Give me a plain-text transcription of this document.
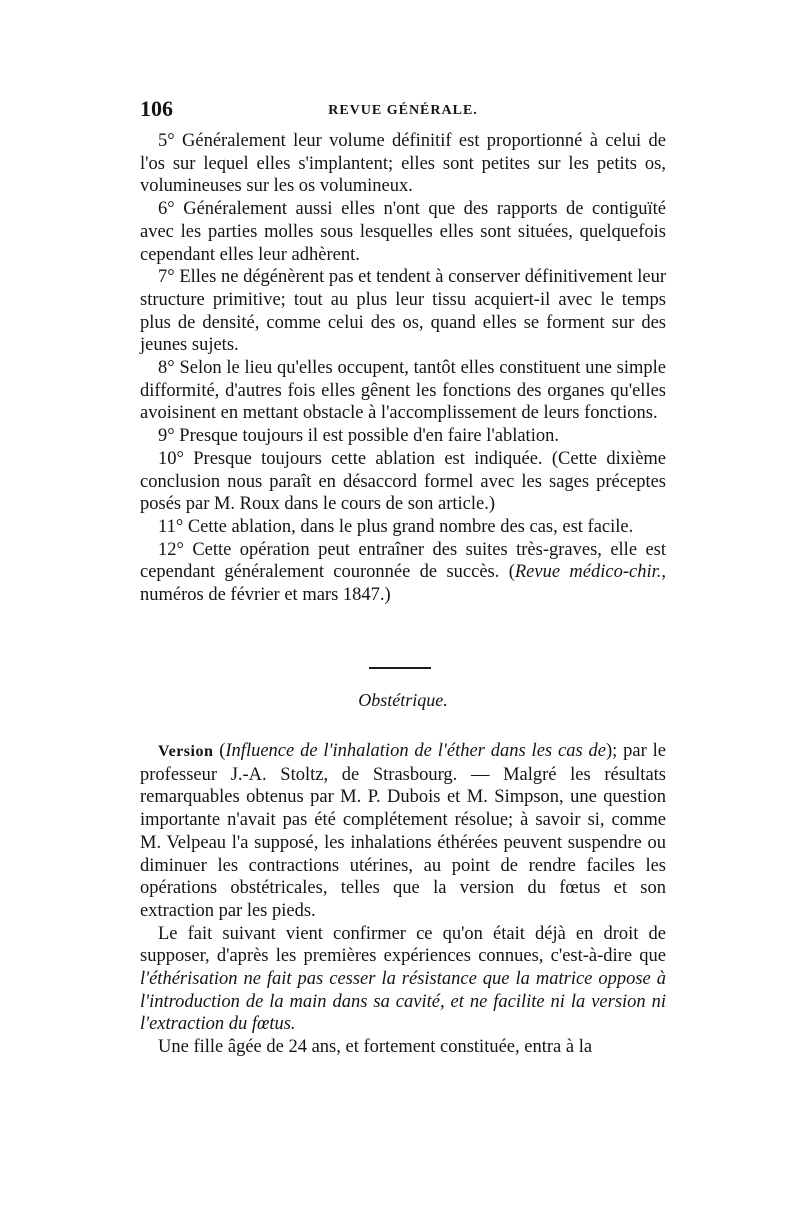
106	REVUE GÉNÉRALE.

5° Généralement leur volume définitif est proportionné à celui de l'os sur lequel elles s'implantent; elles sont petites sur les petits os, volumineuses sur les os volumineux.

6° Généralement aussi elles n'ont que des rapports de contiguïté avec les parties molles sous lesquelles elles sont situées, quelquefois cependant elles leur adhèrent.

7° Elles ne dégénèrent pas et tendent à conserver définitivement leur structure primitive; tout au plus leur tissu acquiert-il avec le temps plus de densité, comme celui des os, quand elles se forment sur des jeunes sujets.

8° Selon le lieu qu'elles occupent, tantôt elles constituent une simple difformité, d'autres fois elles gênent les fonctions des organes qu'elles avoisinent en mettant obstacle à l'accomplissement de leurs fonctions.

9° Presque toujours il est possible d'en faire l'ablation.

10° Presque toujours cette ablation est indiquée. (Cette dixième conclusion nous paraît en désaccord formel avec les sages préceptes posés par M. Roux dans le cours de son article.)

11° Cette ablation, dans le plus grand nombre des cas, est facile.

12° Cette opération peut entraîner des suites très-graves, elle est cependant généralement couronnée de succès. (Revue médico-chir., numéros de février et mars 1847.)

Obstétrique.

Version (Influence de l'inhalation de l'éther dans les cas de); par le professeur J.-A. Stoltz, de Strasbourg. — Malgré les résultats remarquables obtenus par M. P. Dubois et M. Simpson, une question importante n'avait pas été complétement résolue; à savoir si, comme M. Velpeau l'a supposé, les inhalations éthérées peuvent suspendre ou diminuer les contractions utérines, au point de rendre faciles les opérations obstétricales, telles que la version du fœtus et son extraction par les pieds.

Le fait suivant vient confirmer ce qu'on était déjà en droit de supposer, d'après les premières expériences connues, c'est-à-dire que l'éthérisation ne fait pas cesser la résistance que la matrice oppose à l'introduction de la main dans sa cavité, et ne facilite ni la version ni l'extraction du fœtus.

Une fille âgée de 24 ans, et fortement constituée, entra à la
